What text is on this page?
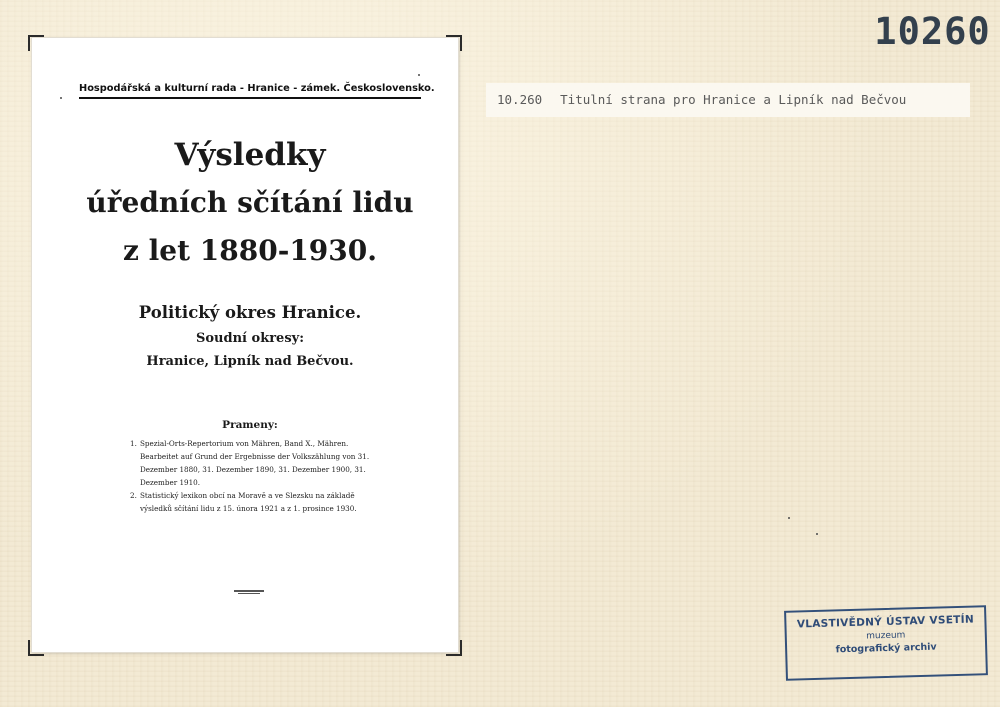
10260
10.260 Titulní strana pro Hranice a Lipník nad Bečvou
Hospodářská a kulturní rada - Hranice - zámek. Československo.
Výsledky
úředních sčítání lidu
z let 1880-1930.
Politický okres Hranice.
Soudní okresy:
Hranice, Lipník nad Bečvou.
Prameny:
1. Spezial-Orts-Repertorium von Mähren, Band X., Mähren. Bearbeitet auf Grund der Ergebnisse der Volkszählung von 31. Dezember 1880, 31. Dezember 1890, 31. Dezember 1900, 31. Dezember 1910.
2. Statistický lexikon obcí na Moravě a ve Slezsku na základě výsledků sčítání lidu z 15. února 1921 a z 1. prosince 1930.
VLASTIVĚDNÝ ÚSTAV VSETÍN
muzeum
fotografický archiv
